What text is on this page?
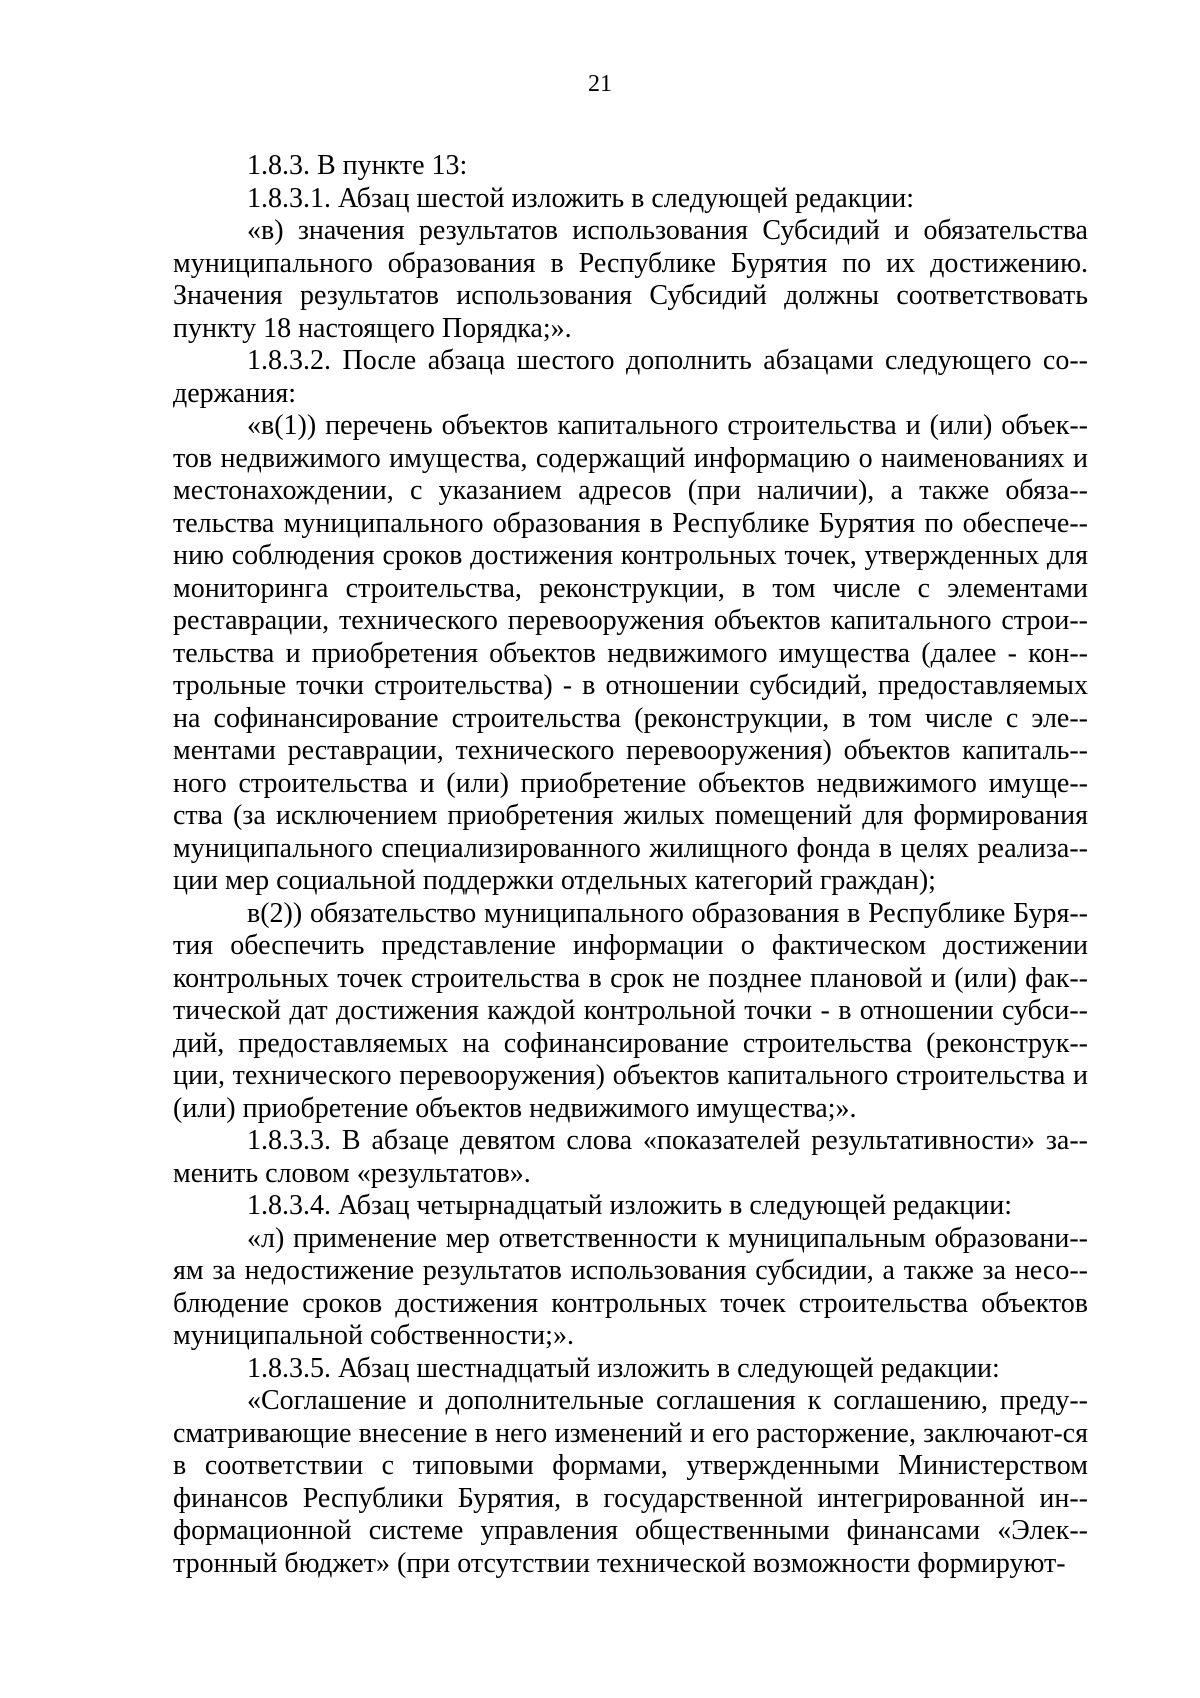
21

1.8.3. В пункте 13:

1.8.3.1. Абзац шестой изложить в следующей редакции:

«в) значения результатов использования Субсидий и обязательства муниципального образования в Республике Бурятия по их достижению. Значения результатов использования Субсидий должны соответствовать пункту 18 настоящего Порядка;».

1.8.3.2. После абзаца шестого дополнить абзацами следующего со-держания:

«в(1)) перечень объектов капитального строительства и (или) объек-тов недвижимого имущества, содержащий информацию о наименованиях и местонахождении, с указанием адресов (при наличии), а также обяза-тельства муниципального образования в Республике Бурятия по обеспече-нию соблюдения сроков достижения контрольных точек, утвержденных для мониторинга строительства, реконструкции, в том числе с элементами реставрации, технического перевооружения объектов капитального строи-тельства и приобретения объектов недвижимого имущества (далее - кон-трольные точки строительства) - в отношении субсидий, предоставляемых на софинансирование строительства (реконструкции, в том числе с эле-ментами реставрации, технического перевооружения) объектов капиталь-ного строительства и (или) приобретение объектов недвижимого имуще-ства (за исключением приобретения жилых помещений для формирования муниципального специализированного жилищного фонда в целях реализа-ции мер социальной поддержки отдельных категорий граждан);

в(2)) обязательство муниципального образования в Республике Буря-тия обеспечить представление информации о фактическом достижении контрольных точек строительства в срок не позднее плановой и (или) фак-тической дат достижения каждой контрольной точки - в отношении субси-дий, предоставляемых на софинансирование строительства (реконструк-ции, технического перевооружения) объектов капитального строительства и (или) приобретение объектов недвижимого имущества;».

1.8.3.3. В абзаце девятом слова «показателей результативности» за-менить словом «результатов».

1.8.3.4. Абзац четырнадцатый изложить в следующей редакции:

«л) применение мер ответственности к муниципальным образовани-ям за недостижение результатов использования субсидии, а также за несо-блюдение сроков достижения контрольных точек строительства объектов муниципальной собственности;».

1.8.3.5. Абзац шестнадцатый изложить в следующей редакции:

«Соглашение и дополнительные соглашения к соглашению, преду-сматривающие внесение в него изменений и его расторжение, заключают-ся в соответствии с типовыми формами, утвержденными Министерством финансов Республики Бурятия, в государственной интегрированной ин-формационной системе управления общественными финансами «Элек-тронный бюджет» (при отсутствии технической возможности формируют-
